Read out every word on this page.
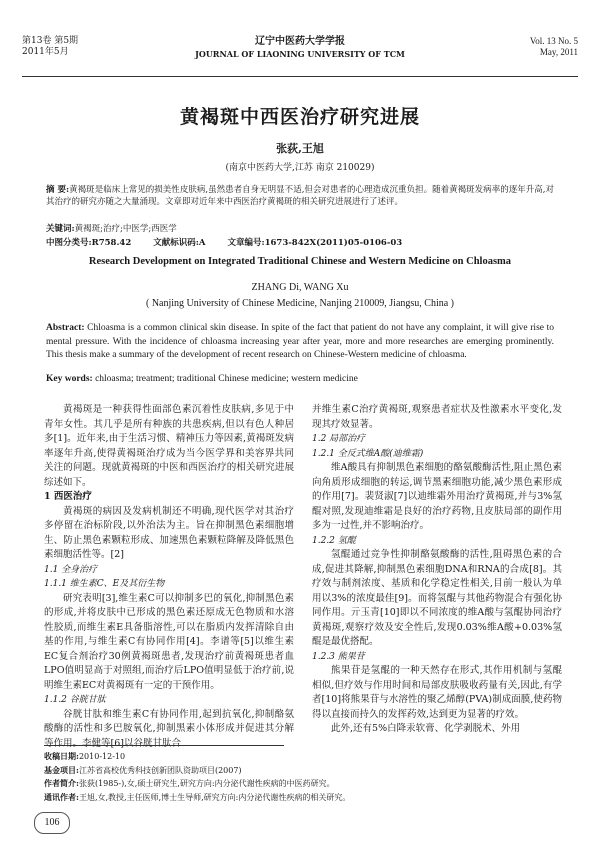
第13卷 第5期
2011年5月
辽宁中医药大学学报
JOURNAL OF LIAONING UNIVERSITY OF TCM
Vol. 13 No. 5
May, 2011
黄褐斑中西医治疗研究进展
张荻,王旭
(南京中医药大学,江苏 南京 210029)
摘 要:黄褐斑是临床上常见的损美性皮肤病,虽然患者自身无明显不适,但会对患者的心理造成沉重负担。随着黄褐斑发病率的逐年升高,对其治疗的研究亦随之大量涌现。文章即对近年来中西医治疗黄褐斑的相关研究进展进行了述评。
关键词:黄褐斑;治疗;中医学;西医学
中图分类号:R758.42	文献标识码:A	文章编号:1673-842X(2011)05-0106-03
Research Development on Integrated Traditional Chinese and Western Medicine on Chloasma
ZHANG Di, WANG Xu
( Nanjing University of Chinese Medicine, Nanjing 210009, Jiangsu, China )
Abstract: Chloasma is a common clinical skin disease. In spite of the fact that patient do not have any complaint, it will give rise to mental pressure. With the incidence of chloasma increasing year after year, more and more researches are emerging prominently. This thesis make a summary of the development of recent research on Chinese-Western medicine of chloasma.
Key words: chloasma; treatment; traditional Chinese medicine; western medicine

黄褐斑是一种获得性面部色素沉着性皮肤病,多见于中青年女性。其几乎是所有种族的共患疾病,但以有色人种居多[1]。近年来,由于生活习惯、精神压力等因素,黄褐斑发病率逐年升高,使得黄褐斑治疗成为当今医学界和美容界共同关注的问题。现就黄褐斑的中医和西医治疗的相关研究进展综述如下。

1 西医治疗

黄褐斑的病因及发病机制还不明确,现代医学对其治疗多停留在治标阶段,以外治法为主。旨在抑制黑色素细胞增生、防止黑色素颗粒形成、加速黑色素颗粒降解及降低黑色素细胞活性等。[2]

1.1 全身治疗
1.1.1 维生素C、E及其衍生物

研究表明[3],维生素C可以抑制多巴的氧化,抑制黑色素的形成,并将皮肤中已形成的黑色素还原成无色物质和水溶性胶质,而维生素E具备脂溶性,可以在脂质内发挥清除自由基的作用,与维生素C有协同作用[4]。李谱等[5]以维生素EC复合剂治疗30例黄褐斑患者,发现治疗前黄褐斑患者血LPO值明显高于对照组,而治疗后LPO值明显低于治疗前,说明维生素EC对黄褐斑有一定的干预作用。

1.1.2 谷胱甘肽

谷胱甘肽和维生素C有协同作用,起到抗氧化,抑制酪氨酸酶的活性和多巴胺氧化,抑制黑素小体形成并促进其分解等作用。李健等[6]以谷胱甘肽合

并维生素C治疗黄褐斑,观察患者症状及性激素水平变化,发现其疗效显著。
1.2 局部治疗
1.2.1 全反式维A酸(迪维霜)

维A酸具有抑制黑色素细胞的酪氨酸酶活性,阻止黑色素向角质形成细胞的转运,调节黑素细胞功能,减少黑色素形成的作用[7]。裴贤淑[7]以迪维霜外用治疗黄褐斑,并与3%氢醌对照,发现迪维霜是良好的治疗药物,且皮肤局部的副作用多为一过性,并不影响治疗。

1.2.2 氢醌

氢醌通过竞争性抑制酪氨酸酶的活性,阻碍黑色素的合成,促进其降解,抑制黑色素细胞DNA和RNA的合成[8]。其疗效与制剂浓度、基质和化学稳定性相关,目前一般认为单用以3%的浓度最佳[9]。而将氢醌与其他药物混合有强化协同作用。亓玉青[10]即以不同浓度的维A酸与氢醌协同治疗黄褐斑,观察疗效及安全性后,发现0.03%维A酸+0.03%氢醌是最优搭配。

1.2.3 熊果苷

熊果苷是氢醌的一种天然存在形式,其作用机制与氢醌相似,但疗效与作用时间和局部皮肤吸收药量有关,因此,有学者[10]将熊果苷与水溶性的聚乙烯醇(PVA)制成面膜,使药物得以直接而持久的发挥药效,达到更为显著的疗效。

此外,还有5%白降汞软膏、化学剥脱术、外用

收稿日期:2010-12-10
基金项目:江苏省高校优秀科技创新团队资助项目(2007)
作者简介:张荻(1985-),女,硕士研究生,研究方向:内分泌代谢性疾病的中医药研究。
通讯作者:王旭,女,教授,主任医师,博士生导师,研究方向:内分泌代谢性疾病的相关研究。
106
